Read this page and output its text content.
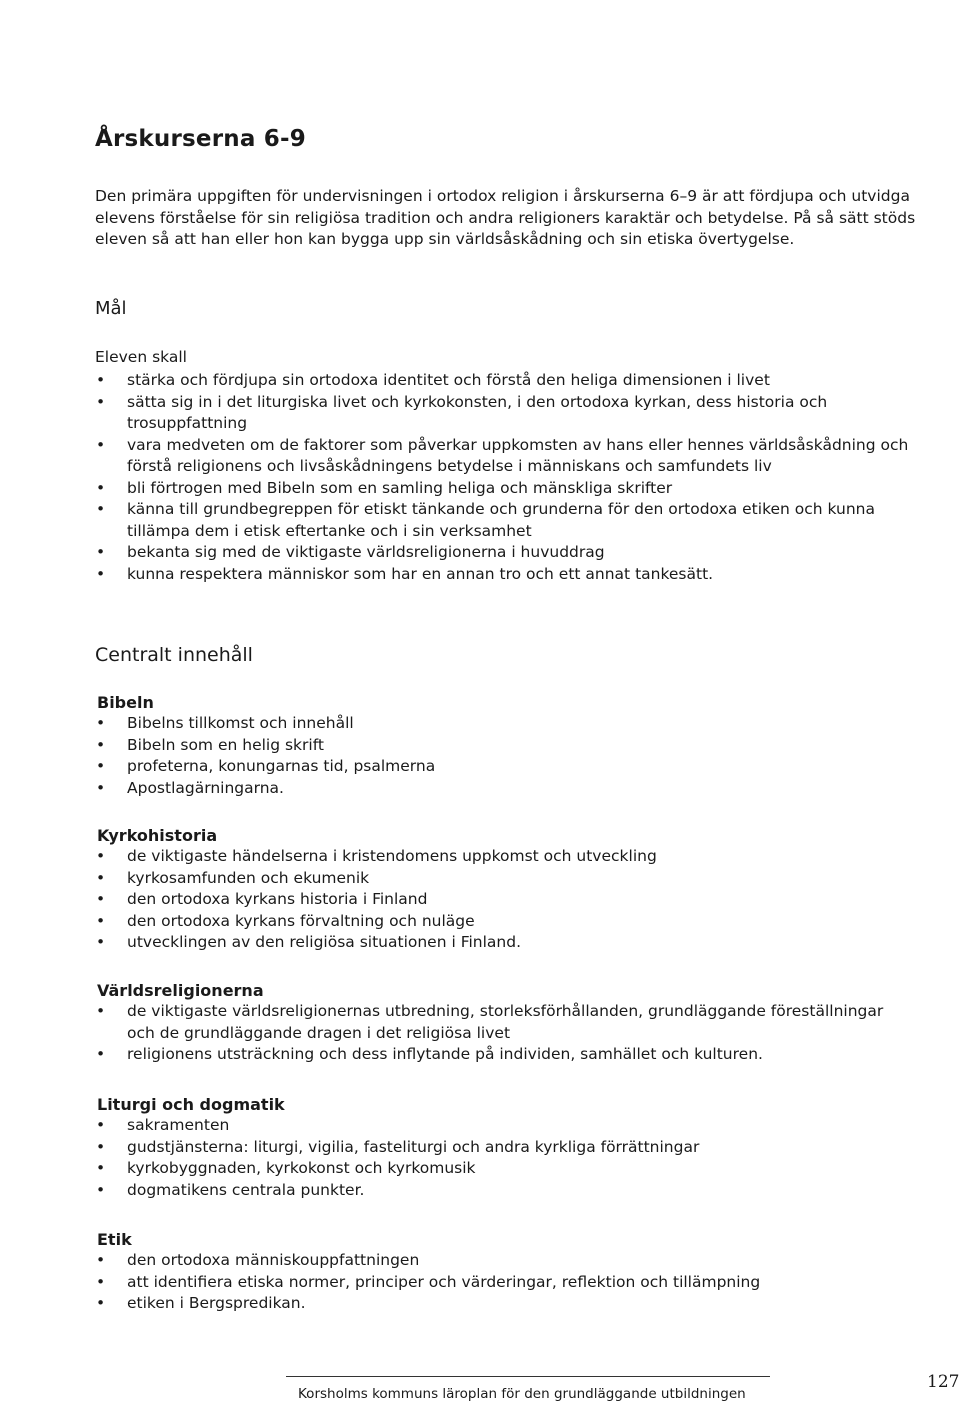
Årskurserna 6-9

Den primära uppgiften för undervisningen i ortodox religion i årskurserna 6–9 är att fördjupa och utvidga elevens förståelse för sin religiösa tradition och andra religioners karaktär och betydelse. På så sätt stöds eleven så att han eller hon kan bygga upp sin världsåskådning och sin etiska övertygelse.

Mål

Eleven skall

• stärka och fördjupa sin ortodoxa identitet och förstå den heliga dimensionen i livet
• sätta sig in i det liturgiska livet och kyrkokonsten, i den ortodoxa kyrkan, dess historia och trosuppfattning
• vara medveten om de faktorer som påverkar uppkomsten av hans eller hennes världsåskådning och förstå religionens och livsåskådningens betydelse i människans och samfundets liv
• bli förtrogen med Bibeln som en samling heliga och mänskliga skrifter
• känna till grundbegreppen för etiskt tänkande och grunderna för den ortodoxa etiken och kunna tillämpa dem i etisk eftertanke och i sin verksamhet
• bekanta sig med de viktigaste världsreligionerna i huvuddrag
• kunna respektera människor som har en annan tro och ett annat tankesätt.
Centralt innehåll
Bibeln
• Bibelns tillkomst och innehåll
• Bibeln som en helig skrift
• profeterna, konungarnas tid, psalmerna
• Apostlagärningarna.
Kyrkohistoria
• de viktigaste händelserna i kristendomens uppkomst och utveckling
• kyrkosamfunden och ekumenik
• den ortodoxa kyrkans historia i Finland
• den ortodoxa kyrkans förvaltning och nuläge
• utvecklingen av den religiösa situationen i Finland.
Världsreligionerna
• de viktigaste världsreligionernas utbredning, storleksförhållanden, grundläggande föreställningar och de grundläggande dragen i det religiösa livet
• religionens utsträckning och dess inflytande på individen, samhället och kulturen.
Liturgi och dogmatik
• sakramenten
• gudstjänsterna: liturgi, vigilia, fasteliturgi och andra kyrkliga förrättningar
• kyrkobyggnaden, kyrkokonst och kyrkomusik
• dogmatikens centrala punkter.
Etik
• den ortodoxa människouppfattningen
• att identifiera etiska normer, principer och värderingar, reflektion och tillämpning
• etiken i Bergspredikan.

Korsholms kommuns läroplan för den grundläggande utbildningen

127
